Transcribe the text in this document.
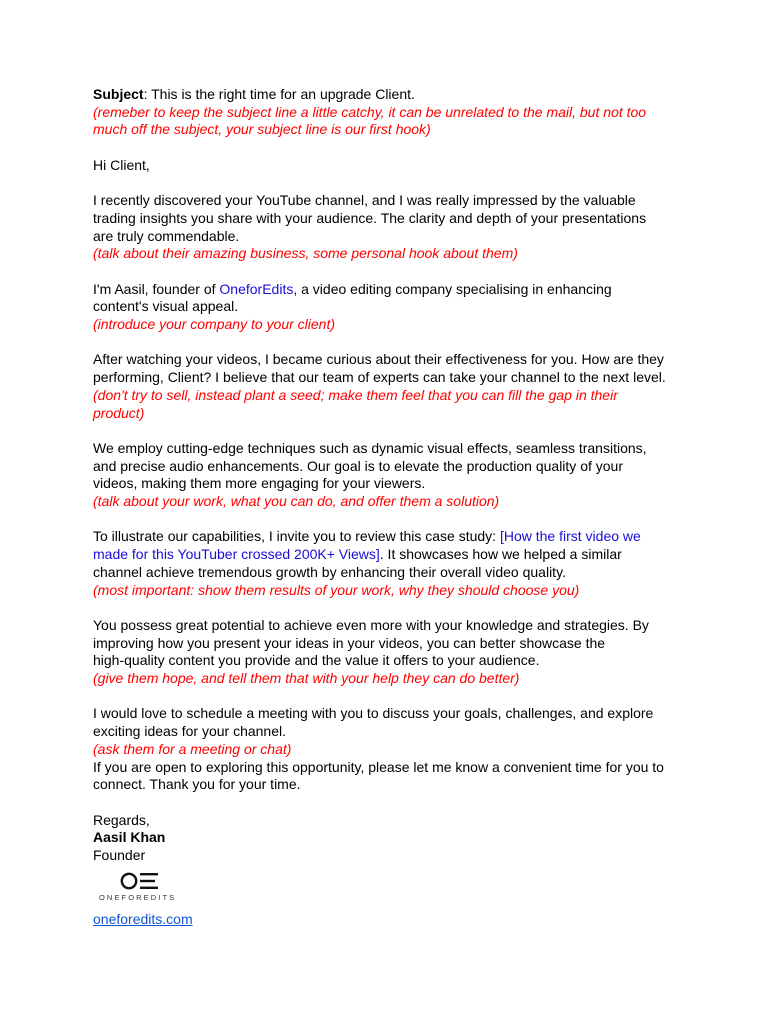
Subject: This is the right time for an upgrade Client.
(remeber to keep the subject line a little catchy, it can be unrelated to the mail, but not too
much off the subject, your subject line is our first hook)
Hi Client,
I recently discovered your YouTube channel, and I was really impressed by the valuable
trading insights you share with your audience. The clarity and depth of your presentations
are truly commendable.
(talk about their amazing business, some personal hook about them)
I'm Aasil, founder of OneforEdits, a video editing company specialising in enhancing
content's visual appeal.
(introduce your company to your client)
After watching your videos, I became curious about their effectiveness for you. How are they
performing, Client? I believe that our team of experts can take your channel to the next level.
(don't try to sell, instead plant a seed; make them feel that you can fill the gap in their
product)
We employ cutting-edge techniques such as dynamic visual effects, seamless transitions,
and precise audio enhancements. Our goal is to elevate the production quality of your
videos, making them more engaging for your viewers.
(talk about your work, what you can do, and offer them a solution)
To illustrate our capabilities, I invite you to review this case study: [How the first video we
made for this YouTuber crossed 200K+ Views]. It showcases how we helped a similar
channel achieve tremendous growth by enhancing their overall video quality.
(most important: show them results of your work, why they should choose you)
You possess great potential to achieve even more with your knowledge and strategies. By
improving how you present your ideas in your videos, you can better showcase the
high-quality content you provide and the value it offers to your audience.
(give them hope, and tell them that with your help they can do better)
I would love to schedule a meeting with you to discuss your goals, challenges, and explore
exciting ideas for your channel.
(ask them for a meeting or chat)
If you are open to exploring this opportunity, please let me know a convenient time for you to
connect. Thank you for your time.
Regards,
Aasil Khan
Founder
ONEFOREDITS
oneforedits.com
